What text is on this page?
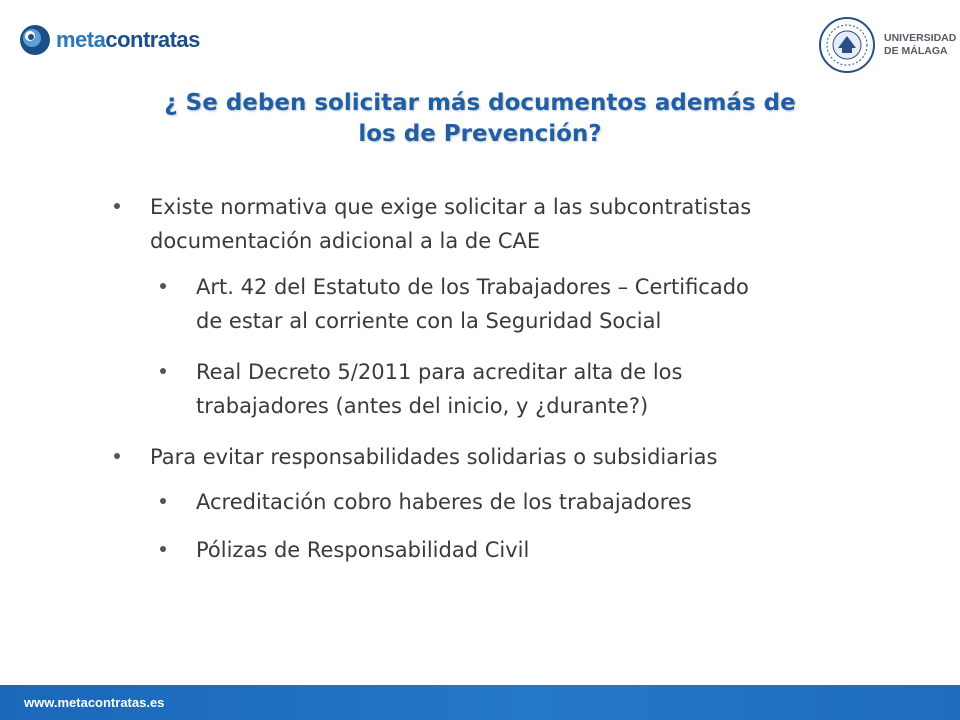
metacontratas	UNIVERSIDAD
DE MÁLAGA
¿ Se deben solicitar más documentos además de
los de Prevención?
Existe normativa que exige solicitar a las subcontratistas
documentación adicional a la de CAE
Art. 42 del Estatuto de los Trabajadores – Certificado
de estar al corriente con la Seguridad Social
Real Decreto 5/2011 para acreditar alta de los
trabajadores (antes del inicio, y ¿durante?)
Para evitar responsabilidades solidarias o subsidiarias
Acreditación cobro haberes de los trabajadores
Pólizas de Responsabilidad Civil
www.metacontratas.es
